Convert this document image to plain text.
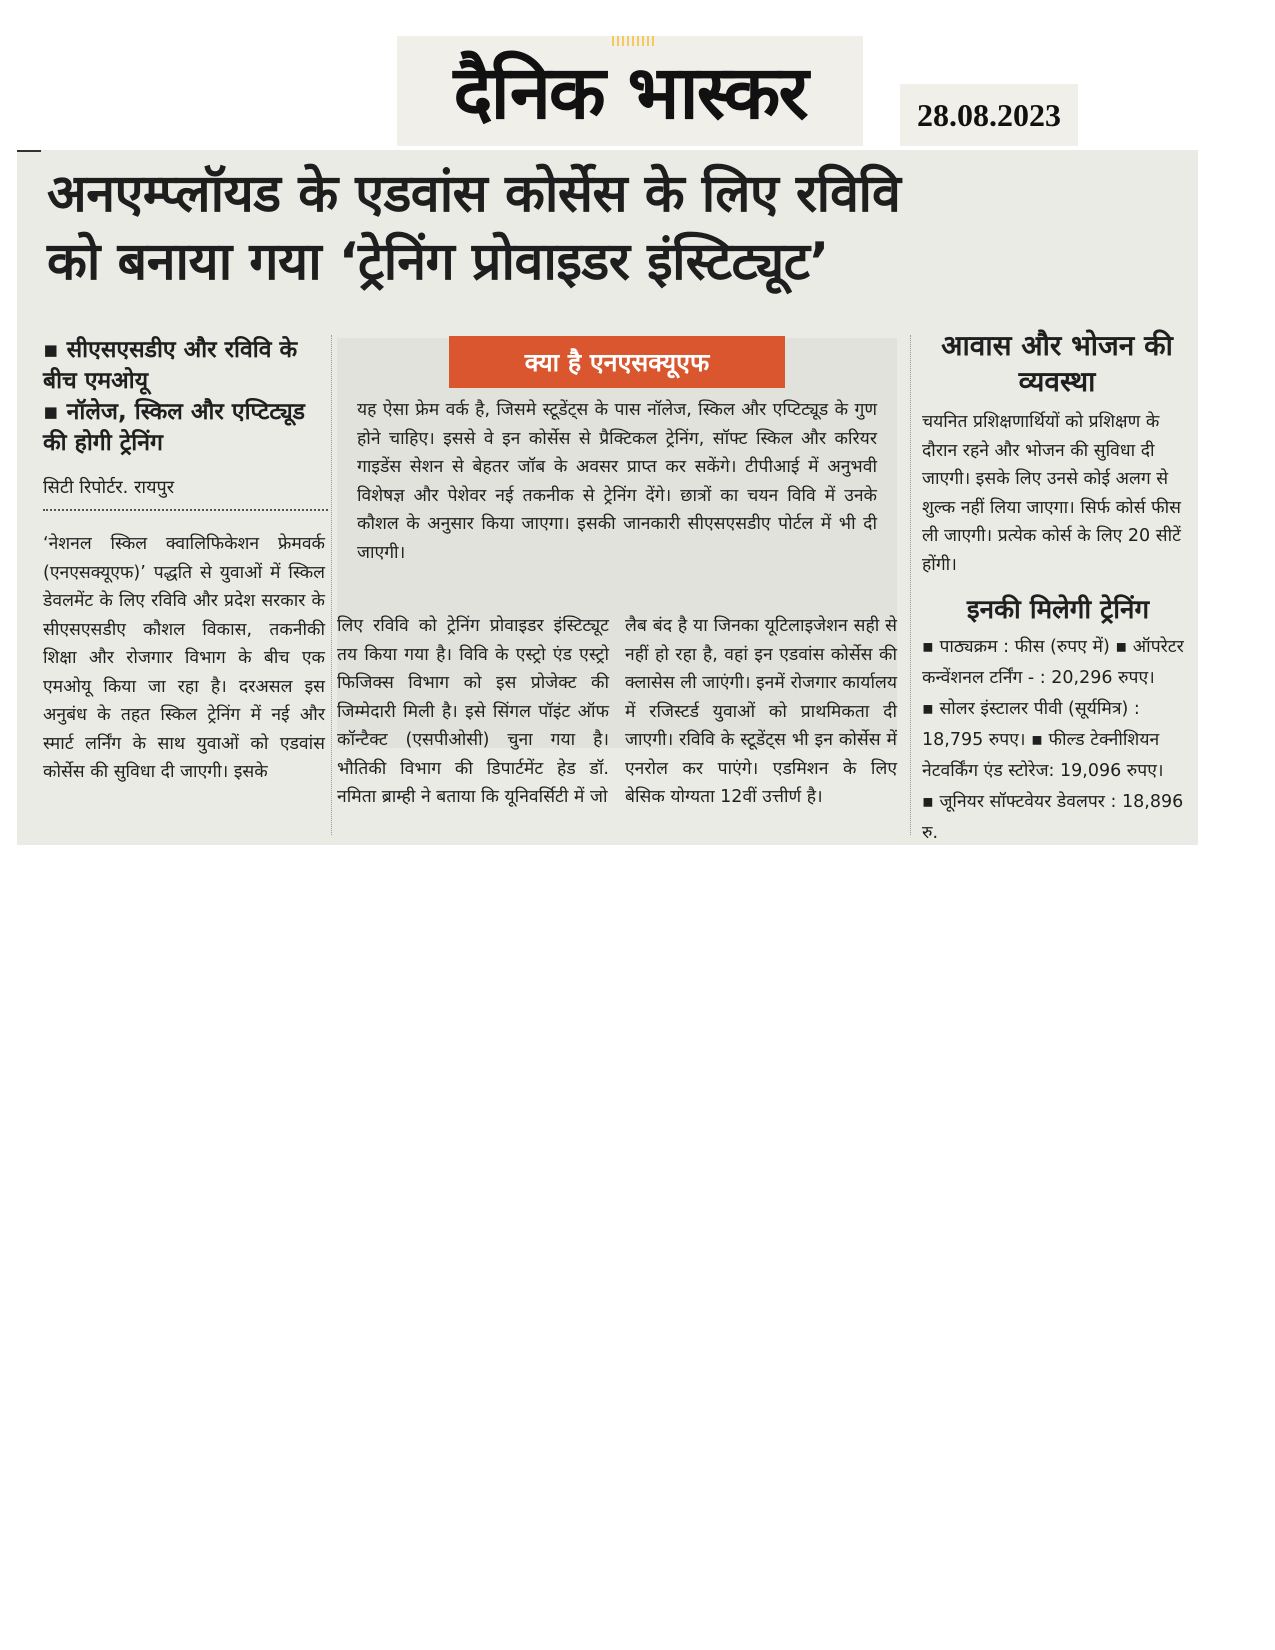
दैनिक भास्कर	28.08.2023
अनएम्प्लॉयड के एडवांस कोर्सेस के लिए रविवि
को बनाया गया ‘ट्रेनिंग प्रोवाइडर इंस्टिट्यूट’
▪ सीएसएसडीए और रविवि के बीच एमओयू
▪ नॉलेज, स्किल और एप्टिट्यूड की होगी ट्रेनिंग
सिटी रिपोर्टर. रायपुर
‘नेशनल स्किल क्वालिफिकेशन फ्रेमवर्क (एनएसक्यूएफ)’ पद्धति से युवाओं में स्किल डेवलमेंट के लिए रविवि और प्रदेश सरकार के सीएसएसडीए कौशल विकास, तकनीकी शिक्षा और रोजगार विभाग के बीच एक एमओयू किया जा रहा है। दरअसल इस अनुबंध के तहत स्किल ट्रेनिंग में नई और स्मार्ट लर्निंग के साथ युवाओं को एडवांस कोर्सेस की सुविधा दी जाएगी। इसके
क्या है एनएसक्यूएफ
यह ऐसा फ्रेम वर्क है, जिसमे स्टूडेंट्स के पास नॉलेज, स्किल और एप्टिट्यूड के गुण होने चाहिए। इससे वे इन कोर्सेस से प्रैक्टिकल ट्रेनिंग, सॉफ्ट स्किल और करियर गाइडेंस सेशन से बेहतर जॉब के अवसर प्राप्त कर सकेंगे। टीपीआई में अनुभवी विशेषज्ञ और पेशेवर नई तकनीक से ट्रेनिंग देंगे। छात्रों का चयन विवि में उनके कौशल के अनुसार किया जाएगा। इसकी जानकारी सीएसएसडीए पोर्टल में भी दी जाएगी।
लिए रविवि को ट्रेनिंग प्रोवाइडर इंस्टिट्यूट तय किया गया है। विवि के एस्ट्रो एंड एस्ट्रो फिजिक्स विभाग को इस प्रोजेक्ट की जिम्मेदारी मिली है। इसे सिंगल पॉइंट ऑफ कॉन्टैक्ट (एसपीओसी) चुना गया है। भौतिकी विभाग की डिपार्टमेंट हेड डॉ. नमिता ब्राम्ही ने बताया कि यूनिवर्सिटी में जो
लैब बंद है या जिनका यूटिलाइजेशन सही से नहीं हो रहा है, वहां इन एडवांस कोर्सेस की क्लासेस ली जाएंगी। इनमें रोजगार कार्यालय में रजिस्टर्ड युवाओं को प्राथमिकता दी जाएगी। रविवि के स्टूडेंट्स भी इन कोर्सेस में एनरोल कर पाएंगे। एडमिशन के लिए बेसिक योग्यता 12वीं उत्तीर्ण है।
आवास और भोजन की व्यवस्था
चयनित प्रशिक्षणार्थियों को प्रशिक्षण के दौरान रहने और भोजन की सुविधा दी जाएगी। इसके लिए उनसे कोई अलग से शुल्क नहीं लिया जाएगा। सिर्फ कोर्स फीस ली जाएगी। प्रत्येक कोर्स के लिए 20 सीटें होंगी।
इनकी मिलेगी ट्रेनिंग
▪ पाठ्यक्रम : फीस (रुपए में) ▪ ऑपरेटर कन्वेंशनल टर्निंग - : 20,296 रुपए। ▪ सोलर इंस्टालर पीवी (सूर्यमित्र) : 18,795 रुपए। ▪ फील्ड टेक्नीशियन नेटवर्किंग एंड स्टोरेज: 19,096 रुपए। ▪ जूनियर सॉफ्टवेयर डेवलपर : 18,896 रु.
